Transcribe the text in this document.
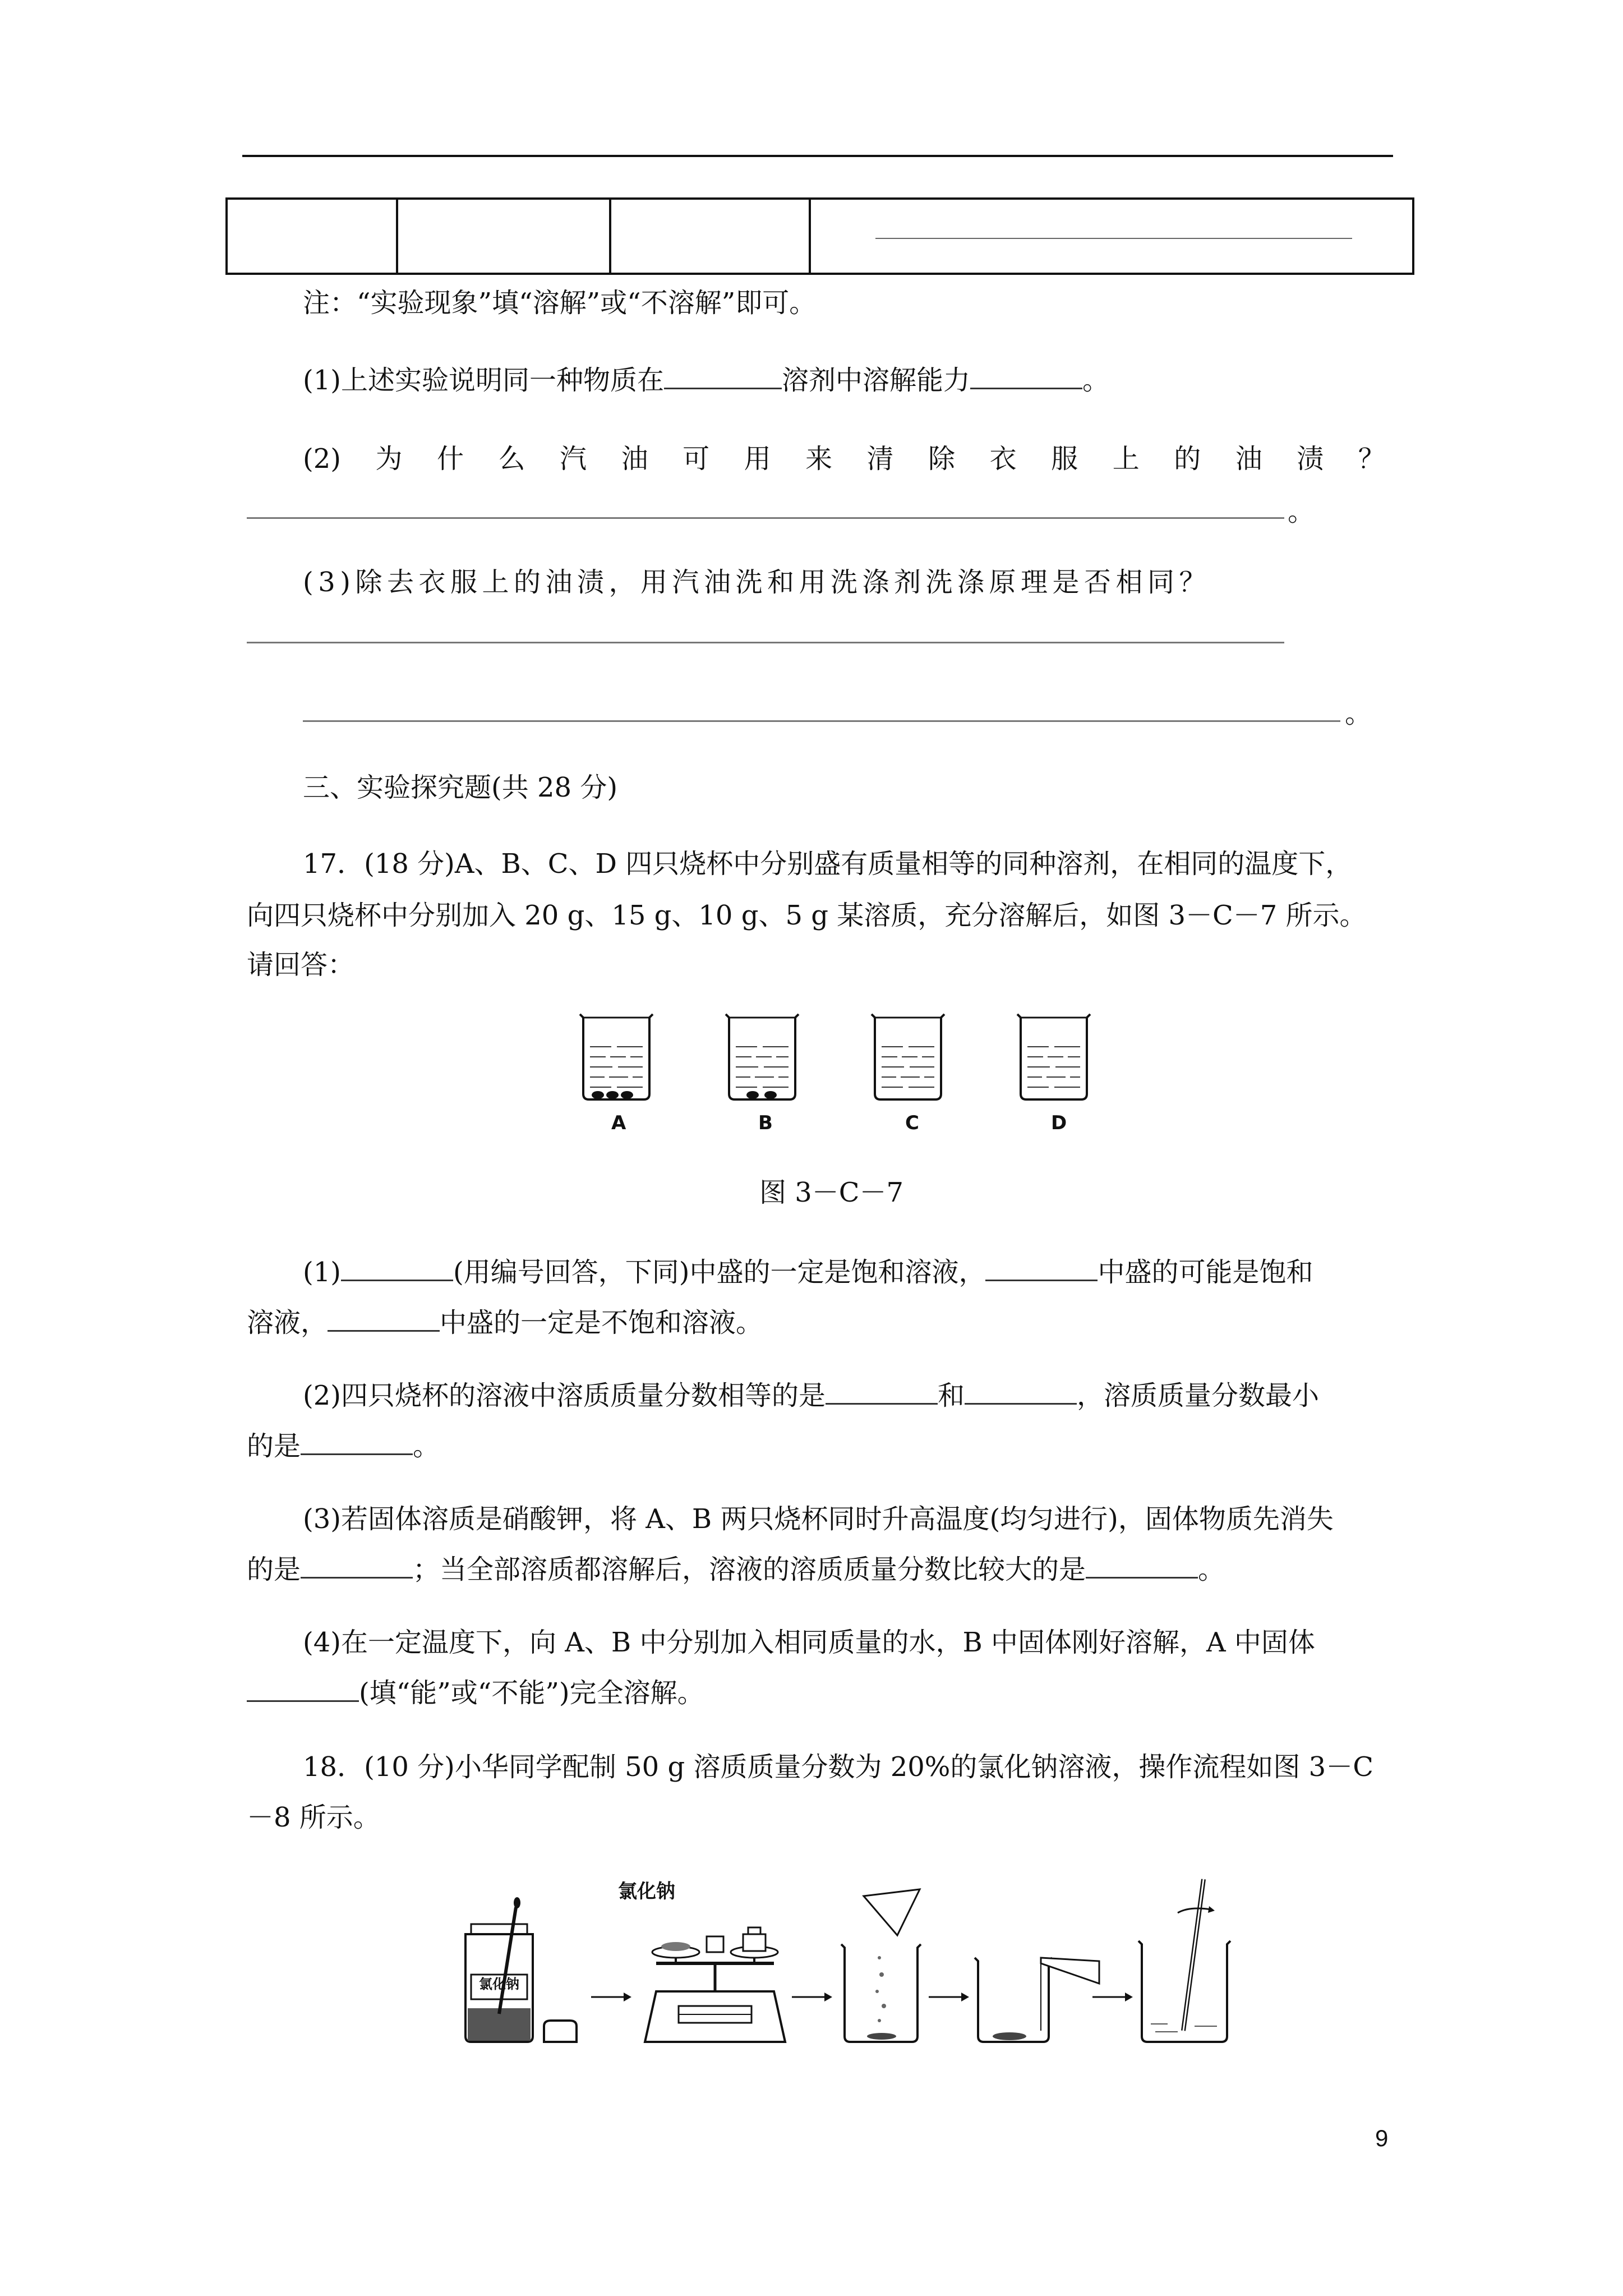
注：“实验现象”填“溶解”或“不溶解”即可。
(1)上述实验说明同一种物质在	溶剂中溶解能力	。
(2) 为 什 么 汽 油 可 用 来 清 除 衣 服 上 的 油 渍 ？
。
(3)除去衣服上的油渍，用汽油洗和用洗涤剂洗涤原理是否相同？
。
三、实验探究题(共 28 分)
17．(18 分)A、B、C、D 四只烧杯中分别盛有质量相等的同种溶剂，在相同的温度下，
向四只烧杯中分别加入 20 g、15 g、10 g、5 g 某溶质，充分溶解后，如图 3－C－7 所示。
请回答：
A	B	C	D
图 3－C－7
(1)	(用编号回答，下同)中盛的一定是饱和溶液，	中盛的可能是饱和
溶液，	中盛的一定是不饱和溶液。
(2)四只烧杯的溶液中溶质质量分数相等的是	和	，溶质质量分数最小
的是	。
(3)若固体溶质是硝酸钾，将 A、B 两只烧杯同时升高温度(均匀进行)，固体物质先消失
的是	；当全部溶质都溶解后，溶液的溶质质量分数比较大的是	。
(4)在一定温度下，向 A、B 中分别加入相同质量的水，B 中固体刚好溶解，A 中固体
(填“能”或“不能”)完全溶解。
18．(10 分)小华同学配制 50 g 溶质质量分数为 20%的氯化钠溶液，操作流程如图 3－C
－8 所示。
氯化钠
氯化钠
9
